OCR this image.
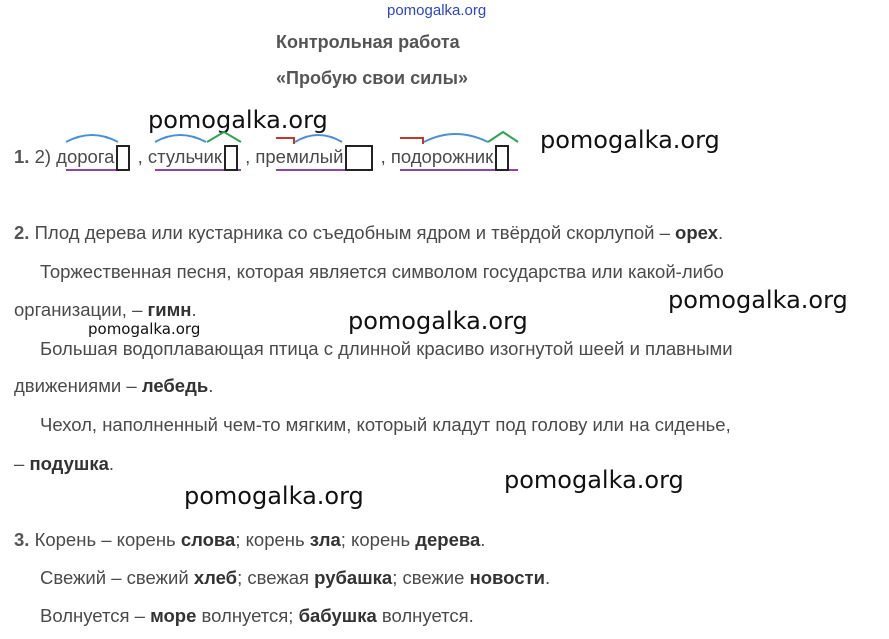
pomogalka.org
pomogalka.org
pomogalka.org
pomogalka.org
pomogalka.org
pomogalka.org
pomogalka.org
pomogalka.org
Контрольная работа
«Пробую свои силы»
1. 2) дорога , стульчик , премилый , подорожник
2. Плод дерева или кустарника со съедобным ядром и твёрдой скорлупой – орех.
Торжественная песня, которая является символом государства или какой-либо
организации, – гимн.
Большая водоплавающая птица с длинной красиво изогнутой шеей и плавными
движениями – лебедь.
Чехол, наполненный чем-то мягким, который кладут под голову или на сиденье,
– подушка.
3. Корень – корень слова; корень зла; корень дерева.
Свежий – свежий хлеб; свежая рубашка; свежие новости.
Волнуется – море волнуется; бабушка волнуется.
